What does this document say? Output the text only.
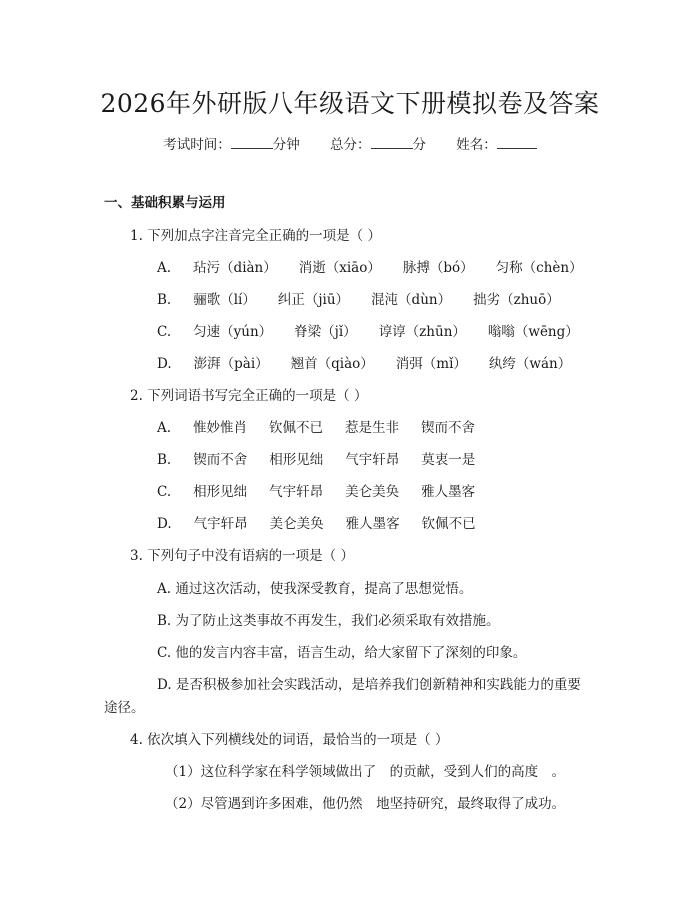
2026年外研版八年级语文下册模拟卷及答案
考试时间：	分钟 总分：	分 姓名：
一、基础积累与运用
1. 下列加点字注音完全正确的一项是（ ）
A. 玷污（diàn） 消逝（xiāo） 脉搏（bó） 匀称（chèn）
B. 骊歌（lí） 纠正（jiū） 混沌（dùn） 拙劣（zhuō）
C. 匀速（yún） 脊梁（jǐ） 谆谆（zhūn） 嗡嗡（wēng）
D. 澎湃（pài） 翘首（qiào） 消弭（mǐ） 纨绔（wán）
2. 下列词语书写完全正确的一项是（ ）
A. 惟妙惟肖 钦佩不已 惹是生非 锲而不舍
B. 锲而不舍 相形见绌 气宇轩昂 莫衷一是
C. 相形见绌 气宇轩昂 美仑美奂 雅人墨客
D. 气宇轩昂 美仑美奂 雅人墨客 钦佩不已
3. 下列句子中没有语病的一项是（ ）
A. 通过这次活动，使我深受教育，提高了思想觉悟。
B. 为了防止这类事故不再发生，我们必须采取有效措施。
C. 他的发言内容丰富，语言生动，给大家留下了深刻的印象。
D. 是否积极参加社会实践活动，是培养我们创新精神和实践能力的重要
途径。
4. 依次填入下列横线处的词语，最恰当的一项是（ ）
（1）这位科学家在科学领域做出了　的贡献，受到人们的高度　。
（2）尽管遇到许多困难，他仍然　地坚持研究，最终取得了成功。
